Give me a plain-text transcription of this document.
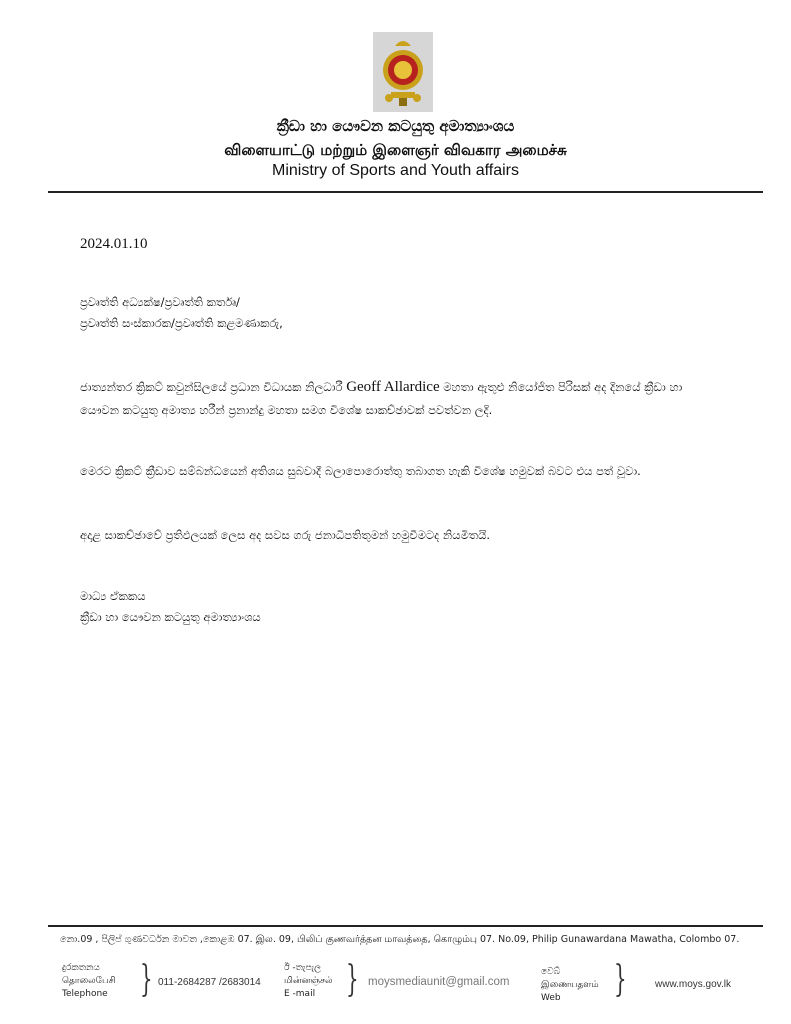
ක්‍රීඩා හා යෞවන කටයුතු අමාත්‍යාංශය
விளையாட்டு மற்றும் இளைஞர் விவகார அமைச்சு
Ministry of Sports and Youth affairs
2024.01.10
ප්‍රවෘත්ති අධ්‍යක්ෂ/ප්‍රවෘත්ති කර්තෘ/
ප්‍රවෘත්ති සංස්කාරක/ප්‍රවෘත්ති කළමණාකරු,
ජාත්‍යන්තර ක්‍රිකට් කවුන්සිලයේ ප්‍රධාන විධායක නිලධාරී Geoff Allardice මහතා ඇතුළු නියෝජිත පිරිසක් අද දිනයේ ක්‍රීඩා හා යෞවන කටයුතු අමාත්‍ය හරීන් ප්‍රනාන්දු මහතා සමග විශේෂ සාකච්ඡාවක් පවත්වන ලදි.
මෙරට ක්‍රිකට් ක්‍රීඩාව සම්බන්ධයෙන් අතිශය සුබවාදී බලාපොරොත්තු තබාගත හැකි විශේෂ හමුවක් බවට එය පත් වූවා.
අදාළ සාකච්ඡාවේ ප්‍රතිඵලයක් ලෙස අද සවස ගරු ජනාධිපතිතුමන් හමුවීමටද නියමිතයි.
මාධ්‍ය ඒකකය
ක්‍රීඩා හා යෞවන කටයුතු අමාත්‍යාංශය
නො.09 , පිලිප් ගුණවර්ධන මාවත ,කොළඹ 07. இல. 09, பிலிப் குணவர்த்தன மாவத்தை, கொழும்பு 07. No.09, Philip Gunawardana Mawatha, Colombo 07.
දුරකතනය
தொலைபேசி
Telephone } 011-2684287 /2683014
ඊ -තැපැල
மின்னஞ்சல்
E -mail } moysmediaunit@gmail.com
වෙබ්
இணையதளம்
Web	}	www.moys.gov.lk
